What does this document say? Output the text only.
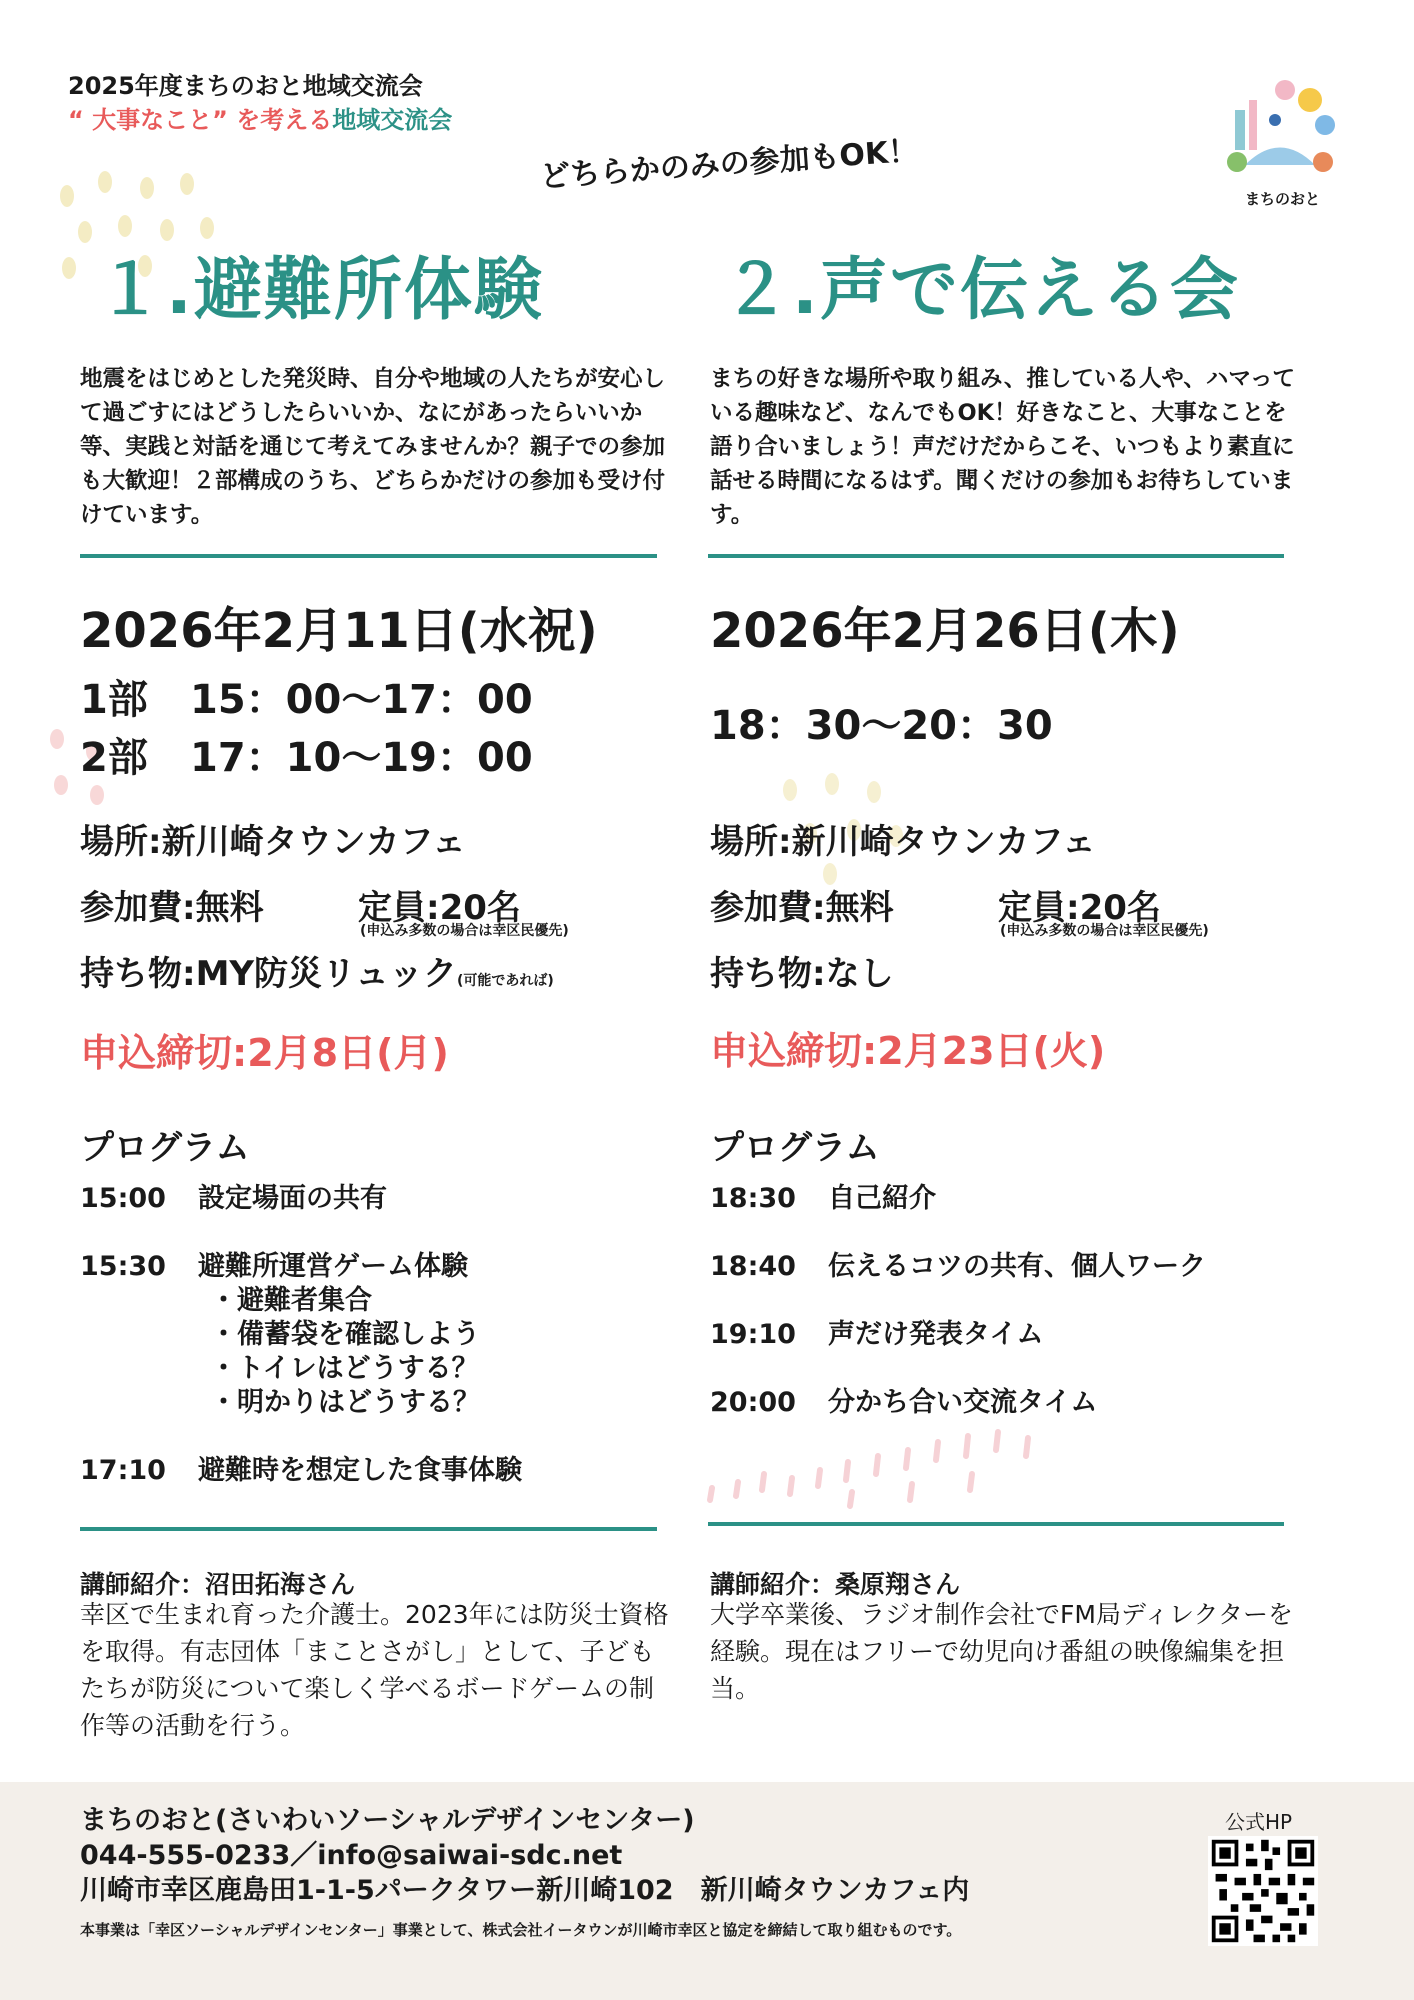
2025年度まちのおと地域交流会
“ 大事なこと” を考える地域交流会
どちらかのみの参加もOK！
まちのおと
１.避難所体験	２.声で伝える会
地震をはじめとした発災時、自分や地域の人たちが安心して過ごすにはどうしたらいいか、なにがあったらいいか等、実践と対話を通じて考えてみませんか？親子での参加も大歓迎！２部構成のうち、どちらかだけの参加も受け付けています。
まちの好きな場所や取り組み、推している人や、ハマっている趣味など、なんでもOK！好きなこと、大事なことを語り合いましょう！声だけだからこそ、いつもより素直に話せる時間になるはず。聞くだけの参加もお待ちしています。
2026年2月11日(水祝) 2026年2月26日(木)
1部 15：00〜17：00
2部 17：10〜19：00
18：30〜20：30
場所:新川崎タウンカフェ	場所:新川崎タウンカフェ
参加費:無料	参加費:無料
定員:20名	定員:20名
(申込み多数の場合は幸区民優先)	(申込み多数の場合は幸区民優先)
持ち物:MY防災リュック(可能であれば)	持ち物:なし
申込締切:2月8日(月)	申込締切:2月23日(火)
プログラム	プログラム
15:00 設定場面の共有
15:30 避難所運営ゲーム体験
・避難者集合
・備蓄袋を確認しよう
・トイレはどうする？
・明かりはどうする？
17:10 避難時を想定した食事体験
18:30 自己紹介
18:40 伝えるコツの共有、個人ワーク
19:10 声だけ発表タイム
20:00 分かち合い交流タイム
講師紹介：沼田拓海さん
幸区で生まれ育った介護士。2023年には防災士資格を取得。有志団体「まことさがし」として、子どもたちが防災について楽しく学べるボードゲームの制作等の活動を行う。
講師紹介：桑原翔さん
大学卒業後、ラジオ制作会社でFM局ディレクターを経験。現在はフリーで幼児向け番組の映像編集を担当。
まちのおと(さいわいソーシャルデザインセンター)
044-555-0233／info@saiwai-sdc.net
川崎市幸区鹿島田1-1-5パークタワー新川崎102　新川崎タウンカフェ内
本事業は「幸区ソーシャルデザインセンター」事業として、株式会社イータウンが川崎市幸区と協定を締結して取り組むものです。
公式HP
